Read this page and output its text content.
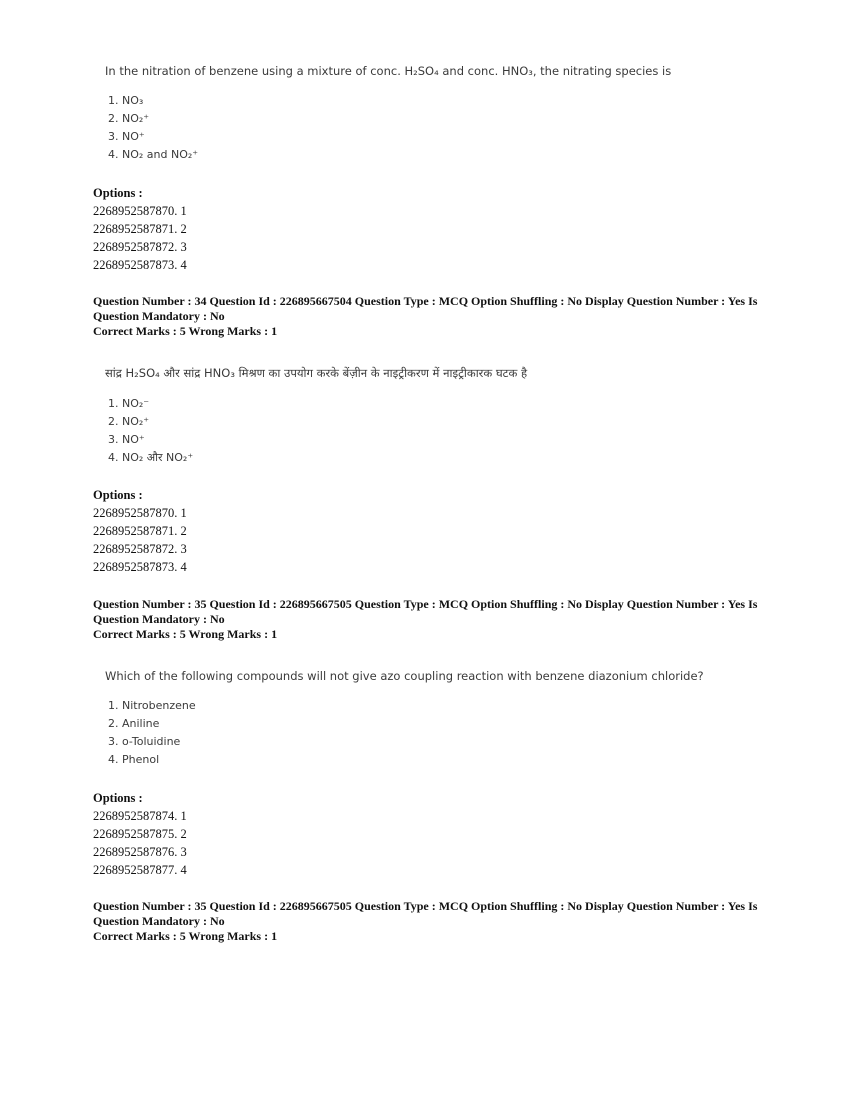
In the nitration of benzene using a mixture of conc. H₂SO₄ and conc. HNO₃, the nitrating species is
1. NO₃
2. NO₂⁺
3. NO⁺
4. NO₂ and NO₂⁺
Options :
2268952587870. 1
2268952587871. 2
2268952587872. 3
2268952587873. 4
Question Number : 34 Question Id : 226895667504 Question Type : MCQ Option Shuffling : No Display Question Number : Yes Is
Question Mandatory : No
Correct Marks : 5 Wrong Marks : 1
सांद्र H₂SO₄ और सांद्र HNO₃ मिश्रण का उपयोग करके बेंज़ीन के नाइट्रीकरण में नाइट्रीकारक घटक है
1. NO₂⁻
2. NO₂⁺
3. NO⁺
4. NO₂ और NO₂⁺
Options :
2268952587870. 1
2268952587871. 2
2268952587872. 3
2268952587873. 4
Question Number : 35 Question Id : 226895667505 Question Type : MCQ Option Shuffling : No Display Question Number : Yes Is
Question Mandatory : No
Correct Marks : 5 Wrong Marks : 1
Which of the following compounds will not give azo coupling reaction with benzene diazonium chloride?
1. Nitrobenzene
2. Aniline
3. o-Toluidine
4. Phenol
Options :
2268952587874. 1
2268952587875. 2
2268952587876. 3
2268952587877. 4
Question Number : 35 Question Id : 226895667505 Question Type : MCQ Option Shuffling : No Display Question Number : Yes Is
Question Mandatory : No
Correct Marks : 5 Wrong Marks : 1
